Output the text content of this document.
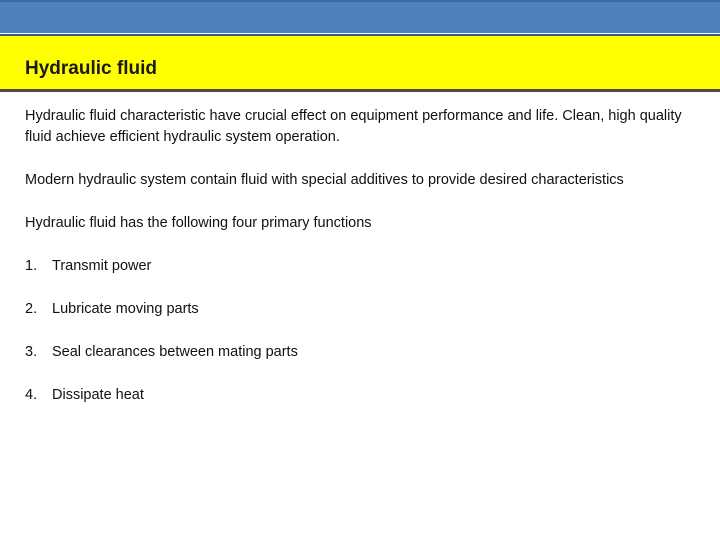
Hydraulic fluid

Hydraulic fluid characteristic have crucial effect on equipment performance and life. Clean, high quality fluid achieve efficient hydraulic system operation.

Modern hydraulic system contain fluid with special additives to provide desired characteristics

Hydraulic fluid has the following four primary functions

1.	Transmit power
2.	Lubricate moving parts
3.	Seal clearances between mating parts
4.	Dissipate heat
